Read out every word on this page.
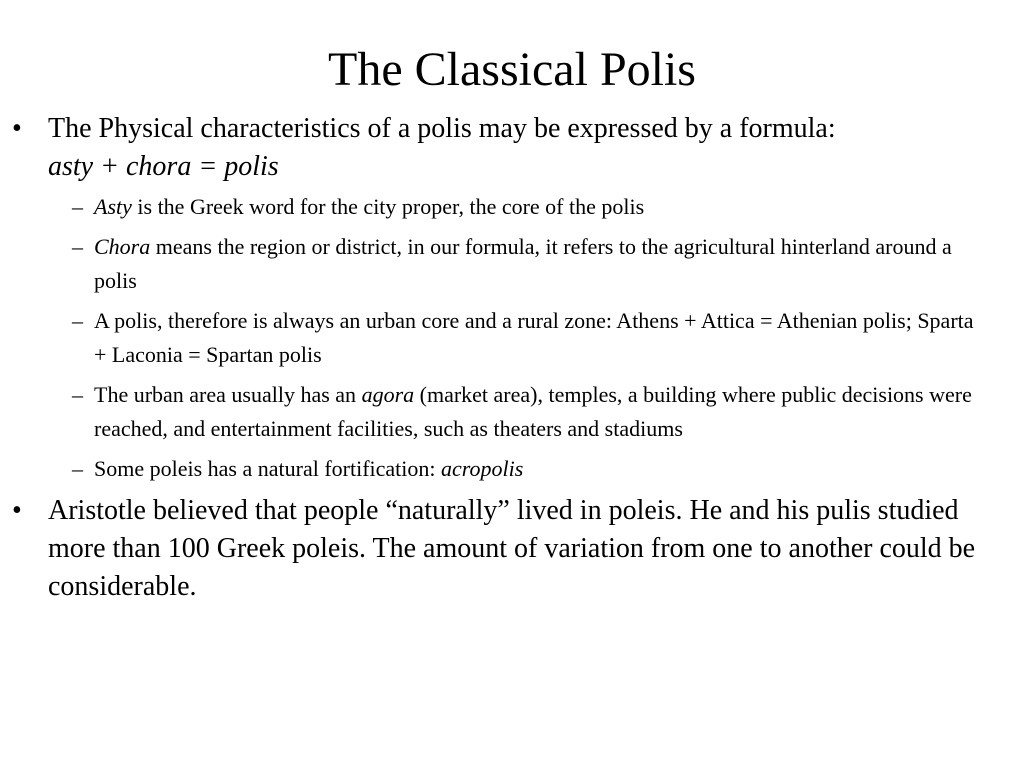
The Classical Polis
• The Physical characteristics of a polis may be expressed by a formula:
asty + chora = polis
– Asty is the Greek word for the city proper, the core of the polis
– Chora means the region or district, in our formula, it refers to the agricultural hinterland around a polis
– A polis, therefore is always an urban core and a rural zone: Athens + Attica = Athenian polis; Sparta + Laconia = Spartan polis
– The urban area usually has an agora (market area), temples, a building where public decisions were reached, and entertainment facilities, such as theaters and stadiums
– Some poleis has a natural fortification: acropolis
• Aristotle believed that people “naturally” lived in poleis. He and his pulis studied more than 100 Greek poleis. The amount of variation from one to another could be considerable.
